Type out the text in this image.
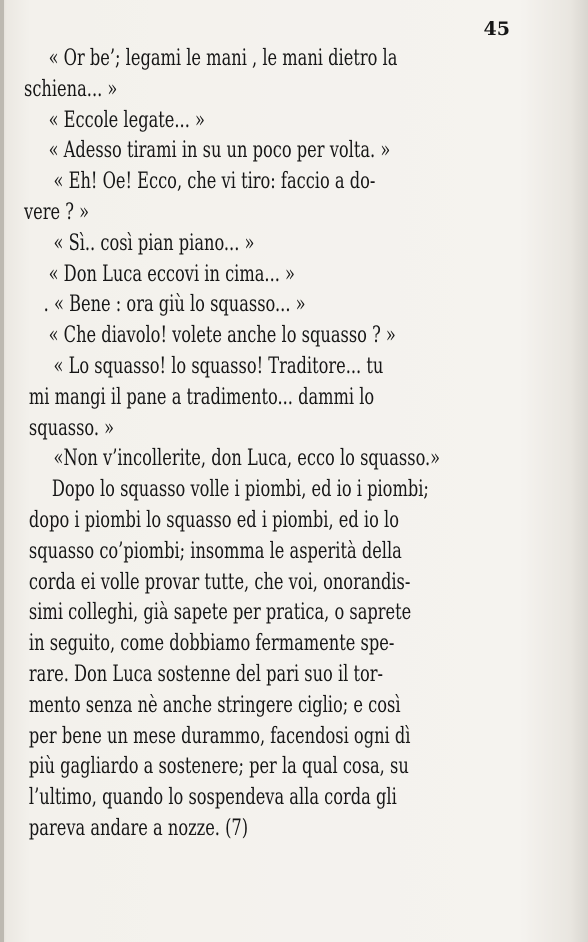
45
« Or be’; legami le mani , le mani dietro la
schiena... »
« Eccole legate... »
« Adesso tirami in su un poco per volta. »
« Eh! Oe! Ecco, che vi tiro: faccio a do-
vere ? »
« Sì.. così pian piano... »
« Don Luca eccovi in cima... »
. « Bene : ora giù lo squasso... »
« Che diavolo! volete anche lo squasso ? »
« Lo squasso! lo squasso! Traditore... tu
mi mangi il pane a tradimento... dammi lo
squasso. »
«Non v’incollerite, don Luca, ecco lo squasso.»
Dopo lo squasso volle i piombi, ed io i piombi;
dopo i piombi lo squasso ed i piombi, ed io lo
squasso co’piombi; insomma le asperità della
corda ei volle provar tutte, che voi, onorandis-
simi colleghi, già sapete per pratica, o saprete
in seguito, come dobbiamo fermamente spe-
rare. Don Luca sostenne del pari suo il tor-
mento senza nè anche stringere ciglio; e così
per bene un mese durammo, facendosi ogni dì
più gagliardo a sostenere; per la qual cosa, su
l’ultimo, quando lo sospendeva alla corda gli
pareva andare a nozze. (7)
